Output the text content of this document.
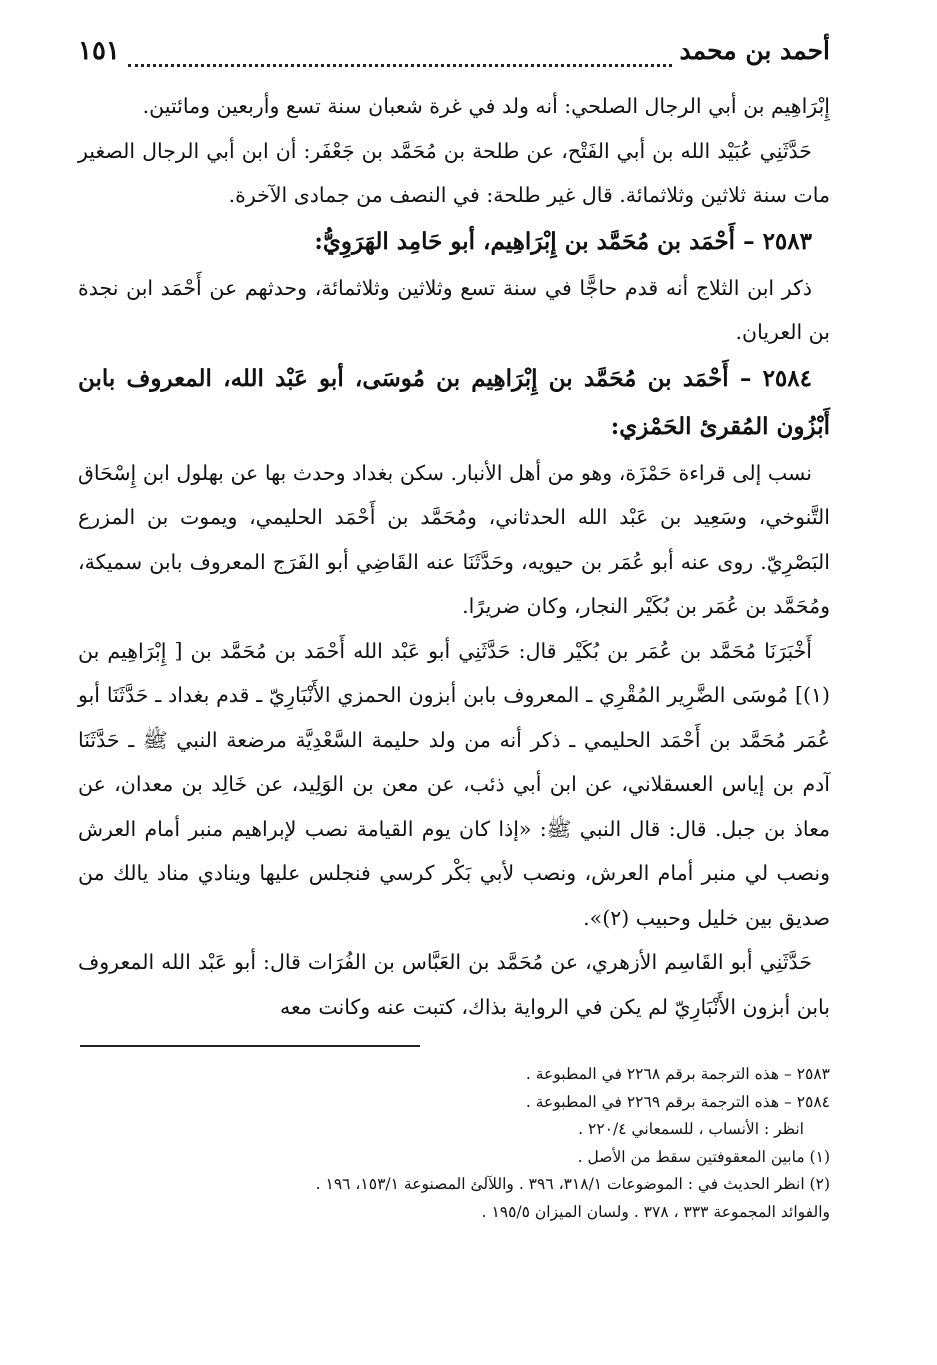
أحمد بن محمد
١٥١

إِبْرَاهِيم بن أبي الرجال الصلحي: أنه ولد في غرة شعبان سنة تسع وأربعين ومائتين.

حَدَّثَنِي عُبَيْد الله بن أبي الفَتْح، عن طلحة بن مُحَمَّد بن جَعْفَر: أن ابن أبي الرجال الصغير مات سنة ثلاثين وثلاثمائة. قال غير طلحة: في النصف من جمادى الآخرة.

٢٥٨٣ – أَحْمَد بن مُحَمَّد بن إِبْرَاهِيم، أبو حَامِد الهَرَوِيُّ:

ذكر ابن الثلاج أنه قدم حاجًّا في سنة تسع وثلاثين وثلاثمائة، وحدثهم عن أَحْمَد ابن نجدة بن العريان.

٢٥٨٤ – أَحْمَد بن مُحَمَّد بن إِبْرَاهِيم بن مُوسَى، أبو عَبْد الله، المعروف بابن أَبْزُون المُقرئ الحَمْزي:

نسب إلى قراءة حَمْزَة، وهو من أهل الأنبار. سكن بغداد وحدث بها عن بهلول ابن إِسْحَاق التَّنوخي، وسَعِيد بن عَبْد الله الحدثاني، ومُحَمَّد بن أَحْمَد الحليمي، ويموت بن المزرع البَصْرِيّ. روى عنه أبو عُمَر بن حيويه، وحَدَّثَنَا عنه القَاضِي أبو الفَرَج المعروف بابن سميكة، ومُحَمَّد بن عُمَر بن بُكَيْر النجار، وكان ضريرًا.

أَخْبَرَنَا مُحَمَّد بن عُمَر بن بُكَيْر قال: حَدَّثَنِي أبو عَبْد الله أَحْمَد بن مُحَمَّد بن [ إِبْرَاهِيم بن (١)] مُوسَى الضَّرِير المُقْرِي ـ المعروف بابن أبزون الحمزي الأَنْبَارِيّ ـ قدم بغداد ـ حَدَّثَنَا أبو عُمَر مُحَمَّد بن أَحْمَد الحليمي ـ ذكر أنه من ولد حليمة السَّعْدِيَّة مرضعة النبي ﷺ ـ حَدَّثَنَا آدم بن إياس العسقلاني، عن ابن أبي ذئب، عن معن بن الوَلِيد، عن خَالِد بن معدان، عن معاذ بن جبل. قال: قال النبي ﷺ: «إذا كان يوم القيامة نصب لإبراهيم منبر أمام العرش ونصب لي منبر أمام العرش، ونصب لأبي بَكْر كرسي فنجلس عليها وينادي مناد يالك من صديق بين خليل وحبيب (٢)».

حَدَّثَنِي أبو القَاسِم الأزهري، عن مُحَمَّد بن العَبَّاس بن الفُرَات قال: أبو عَبْد الله المعروف بابن أبزون الأَنْبَارِيّ لم يكن في الرواية بذاك، كتبت عنه وكانت معه

٢٥٨٣ – هذه الترجمة برقم ٢٢٦٨ في المطبوعة .
٢٥٨٤ – هذه الترجمة برقم ٢٢٦٩ في المطبوعة .
انظر : الأنساب ، للسمعاني ٢٢٠/٤ .
(١) مابين المعقوفتين سقط من الأصل .
(٢) انظر الحديث في : الموضوعات ٣١٨/١، ٣٩٦ . واللآلئ المصنوعة ١٥٣/١، ١٩٦ .
والفوائد المجموعة ٣٣٣ ، ٣٧٨ . ولسان الميزان ١٩٥/٥ .
